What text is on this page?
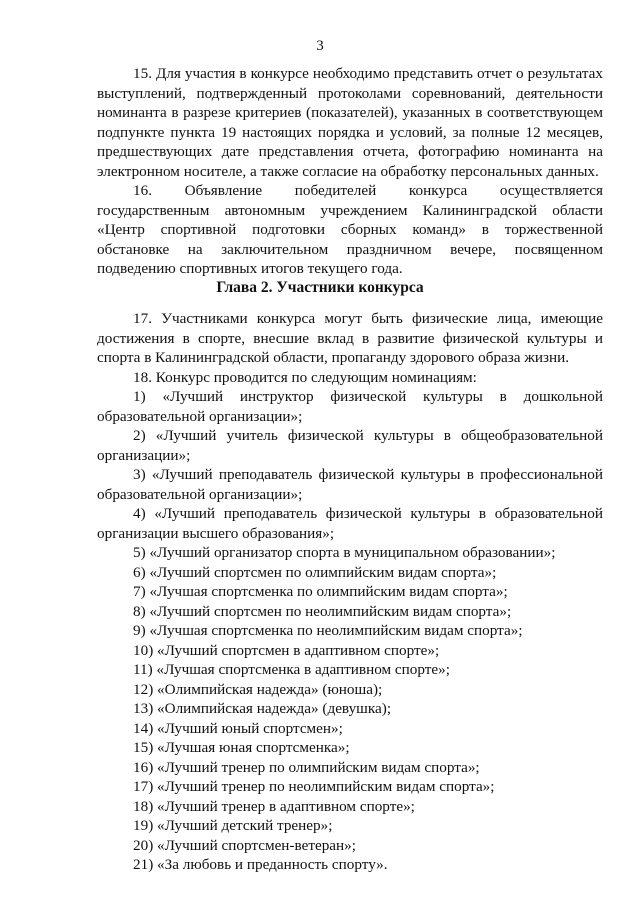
3
15. Для участия в конкурсе необходимо представить отчет о результатах
выступлений, подтвержденный протоколами соревнований, деятельности
номинанта в разрезе критериев (показателей), указанных в соответствующем
подпункте пункта 19 настоящих порядка и условий, за полные 12 месяцев,
предшествующих дате представления отчета, фотографию номинанта на
электронном носителе, а также согласие на обработку персональных данных.
16. Объявление победителей конкурса осуществляется
государственным автономным учреждением Калининградской области
«Центр спортивной подготовки сборных команд» в торжественной
обстановке на заключительном праздничном вечере, посвященном
подведению спортивных итогов текущего года.
Глава 2. Участники конкурса
17. Участниками конкурса могут быть физические лица, имеющие
достижения в спорте, внесшие вклад в развитие физической культуры и
спорта в Калининградской области, пропаганду здорового образа жизни.
18. Конкурс проводится по следующим номинациям:
1) «Лучший инструктор физической культуры в дошкольной
образовательной организации»;
2) «Лучший учитель физической культуры в общеобразовательной
организации»;
3) «Лучший преподаватель физической культуры в профессиональной
образовательной организации»;
4) «Лучший преподаватель физической культуры в образовательной
организации высшего образования»;
5) «Лучший организатор спорта в муниципальном образовании»;
6) «Лучший спортсмен по олимпийским видам спорта»;
7) «Лучшая спортсменка по олимпийским видам спорта»;
8) «Лучший спортсмен по неолимпийским видам спорта»;
9) «Лучшая спортсменка по неолимпийским видам спорта»;
10) «Лучший спортсмен в адаптивном спорте»;
11) «Лучшая спортсменка в адаптивном спорте»;
12) «Олимпийская надежда» (юноша);
13) «Олимпийская надежда» (девушка);
14) «Лучший юный спортсмен»;
15) «Лучшая юная спортсменка»;
16) «Лучший тренер по олимпийским видам спорта»;
17) «Лучший тренер по неолимпийским видам спорта»;
18) «Лучший тренер в адаптивном спорте»;
19) «Лучший детский тренер»;
20) «Лучший спортсмен-ветеран»;
21) «За любовь и преданность спорту».
